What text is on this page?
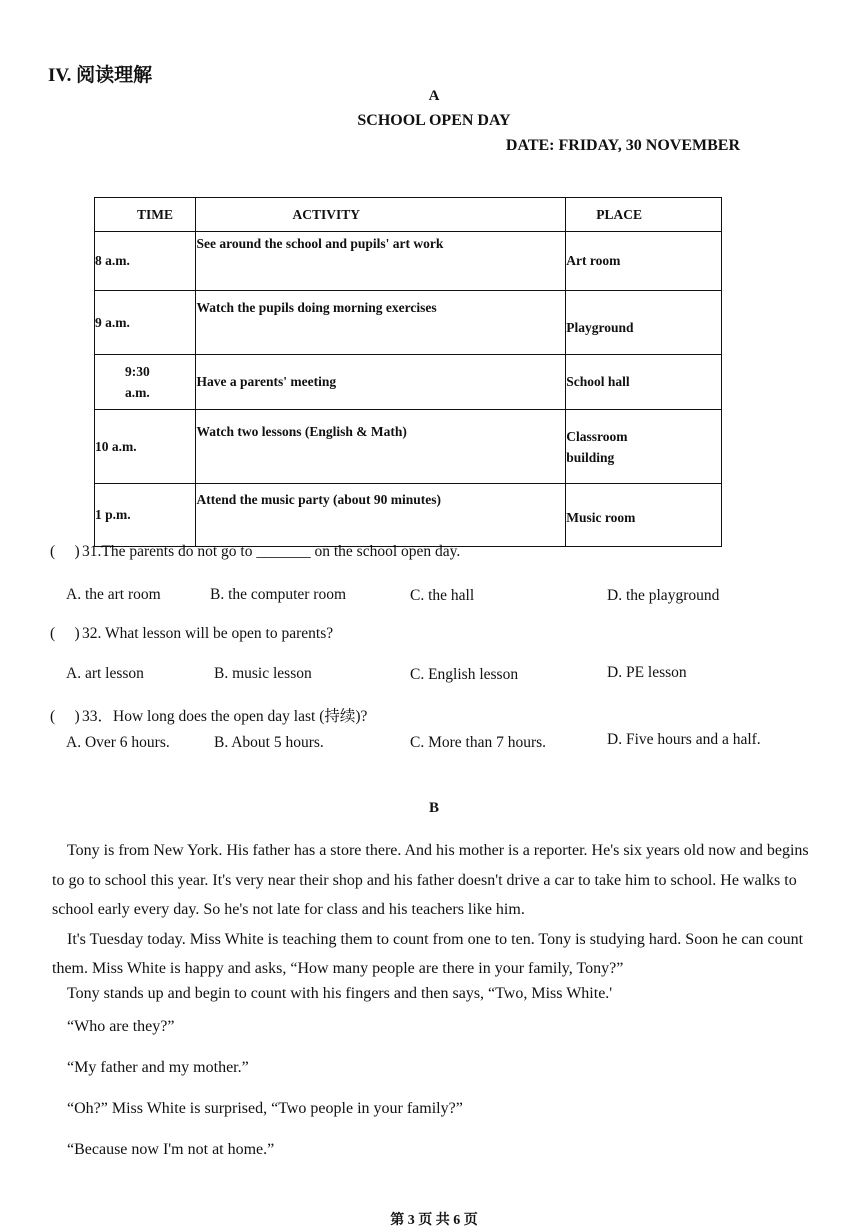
IV. 阅读理解
A
SCHOOL OPEN DAY
DATE: FRIDAY, 30 NOVEMBER
TIME	ACTIVITY	PLACE
8 a.m.	See around the school and pupils' art work	Art room
9 a.m.	Watch the pupils doing morning exercises	Playground
9:30 a.m.	Have a parents' meeting	School hall
10 a.m.	Watch two lessons (English & Math)	Classroom building
1 p.m.	Attend the music party (about 90 minutes)	Music room
( ) 31.The parents do not go to _______ on the school open day.
A. the art room	B. the computer room	C. the hall	D. the playground
( ) 32. What lesson will be open to parents?
A. art lesson	B. music lesson	C. English lesson	D. PE lesson
( ) 33．How long does the open day last (持续)?
A. Over 6 hours.	B. About 5 hours.	C. More than 7 hours.	D. Five hours and a half.
B

Tony is from New York. His father has a store there. And his mother is a reporter. He's six years old now and begins to go to school this year. It's very near their shop and his father doesn't drive a car to take him to school. He walks to school early every day. So he's not late for class and his teachers like him.

It's Tuesday today. Miss White is teaching them to count from one to ten. Tony is studying hard. Soon he can count them. Miss White is happy and asks, “How many people are there in your family, Tony?”

Tony stands up and begin to count with his fingers and then says, “Two, Miss White.'
“Who are they?”
“My father and my mother.”
“Oh?” Miss White is surprised, “Two people in your family?”
“Because now I'm not at home.”
第 3 页 共 6 页
